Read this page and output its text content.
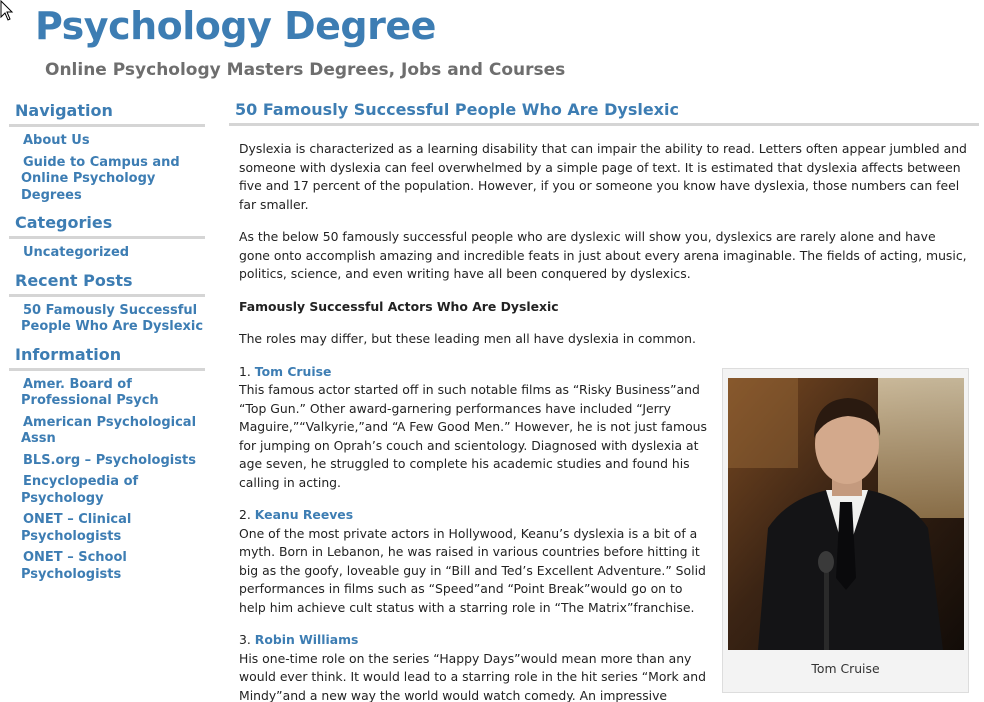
Psychology Degree
Online Psychology Masters Degrees, Jobs and Courses
Navigation
About Us
Guide to Campus and Online Psychology Degrees
Categories
Uncategorized
Recent Posts
50 Famously Successful People Who Are Dyslexic
Information
Amer. Board of Professional Psych
American Psychological Assn
BLS.org – Psychologists
Encyclopedia of Psychology
ONET – Clinical Psychologists
ONET – School Psychologists
50 Famously Successful People Who Are Dyslexic

Dyslexia is characterized as a learning disability that can impair the ability to read. Letters often appear jumbled and someone with dyslexia can feel overwhelmed by a simple page of text. It is estimated that dyslexia affects between five and 17 percent of the population. However, if you or someone you know have dyslexia, those numbers can feel far smaller.

As the below 50 famously successful people who are dyslexic will show you, dyslexics are rarely alone and have gone onto accomplish amazing and incredible feats in just about every arena imaginable. The fields of acting, music, politics, science, and even writing have all been conquered by dyslexics.

Famously Successful Actors Who Are Dyslexic

The roles may differ, but these leading men all have dyslexia in common.

1. Tom Cruise
This famous actor started off in such notable films as “Risky Business”and “Top Gun.” Other award-garnering performances have included “Jerry Maguire,”“Valkyrie,”and “A Few Good Men.” However, he is not just famous for jumping on Oprah’s couch and scientology. Diagnosed with dyslexia at age seven, he struggled to complete his academic studies and found his calling in acting.
2. Keanu Reeves
One of the most private actors in Hollywood, Keanu’s dyslexia is a bit of a myth. Born in Lebanon, he was raised in various countries before hitting it big as the goofy, loveable guy in “Bill and Ted’s Excellent Adventure.” Solid performances in films such as “Speed”and “Point Break”would go on to help him achieve cult status with a starring role in “The Matrix”franchise.
3. Robin Williams
His one-time role on the series “Happy Days”would mean more than any would ever think. It would lead to a starring role in the hit series “Mork and Mindy”and a new way the world would watch comedy. An impressive
Tom Cruise
